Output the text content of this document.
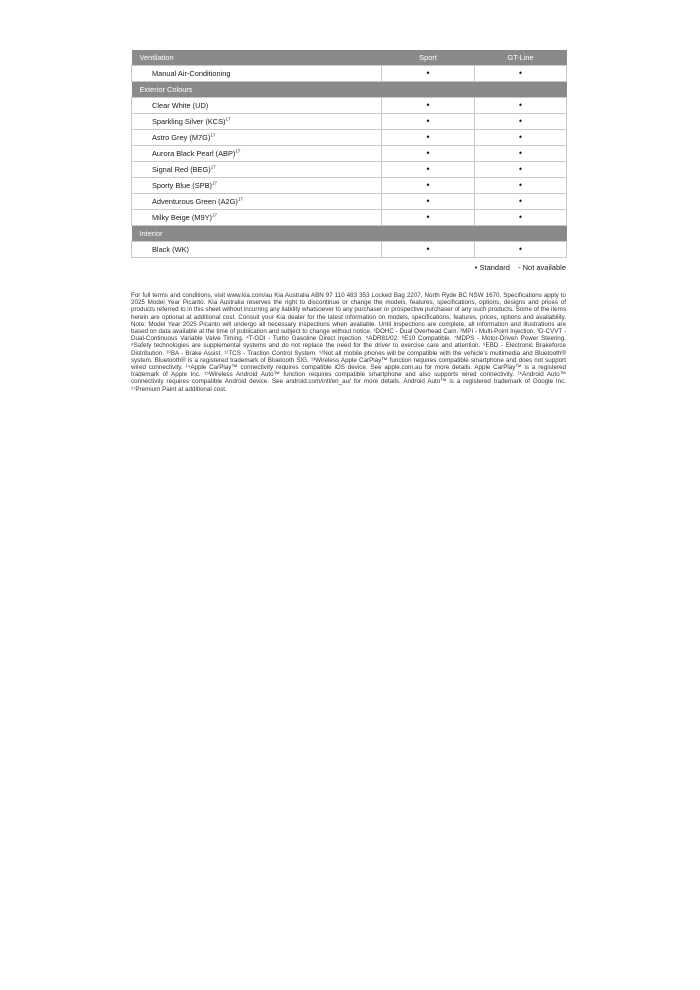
Ventilation	Sport	GT-Line
Manual Air-Conditioning	•	•
Exterior Colours		
Clear White (UD)	•	•
Sparkling Silver (KCS)$^{17}$	•	•
Astro Grey $(M7G)^{17}$	•	•
Aurora Black Pearl (ABP)$^{17}$	•	•
Signal Red (BEG)$^{17}$	•	•
Sporty Blue (SPB)$^{17}$	•	•
Adventurous Green $(A2G)^{17}$	•	•
Milky Beige $(M9Y)^{17}$	•	•
Interior		
Black (WK)	•	•
• Standard - Not available

For full terms and conditions, visit www.kia.com/au Kia Australia ABN 97 110 483 353 Locked Bag 2207, North Ryde BC NSW 1670. Specifications apply to 2025 Model Year Picanto. Kia Australia reserves the right to discontinue or change the models, features, specifications, options, designs and prices of products referred to in this sheet without incurring any liability whatsoever to any purchaser or prospective purchaser of any such products. Some of the items herein are optional at additional cost. Consult your Kia dealer for the latest information on models, specifications, features, prices, options and availability. Note: Model Year 2025 Picanto will undergo all necessary inspections when available. Until inspections are complete, all information and illustrations are based on data available at the time of publication and subject to change without notice. ¹DOHC - Dual Overhead Cam. ²MPI - Multi-Point Injection. ³D-CVVT - Dual-Continuous Variable Valve Timing. ⁴T-GDI - Turbo Gasoline Direct Injection. ⁵ADR81/02. ⁶E10 Compatible. ⁷MDPS - Motor-Driven Power Steering. ⁸Safety technologies are supplemental systems and do not replace the need for the driver to exercise care and attention. ⁹EBD - Electronic Brakeforce Distribution. ¹⁰BA - Brake Assist. ¹¹TCS - Traction Control System. ¹²Not all mobile phones will be compatible with the vehicle's multimedia and Bluetooth® system. Bluetooth® is a registered trademark of Bluetooth SIG. ¹³Wireless Apple CarPlay™ function requires compatible smartphone and does not support wired connectivity. ¹⁴Apple CarPlay™ connectivity requires compatible iOS device. See apple.com.au for more details. Apple CarPlay™ is a registered trademark of Apple Inc. ¹⁵Wireless Android Auto™ function requires compatible smartphone and also supports wired connectivity. ¹⁶Android Auto™ connectivity requires compatible Android device. See android.com/intl/en_au/ for more details. Android Auto™ is a registered trademark of Google Inc. ¹⁷Premium Paint at additional cost.
